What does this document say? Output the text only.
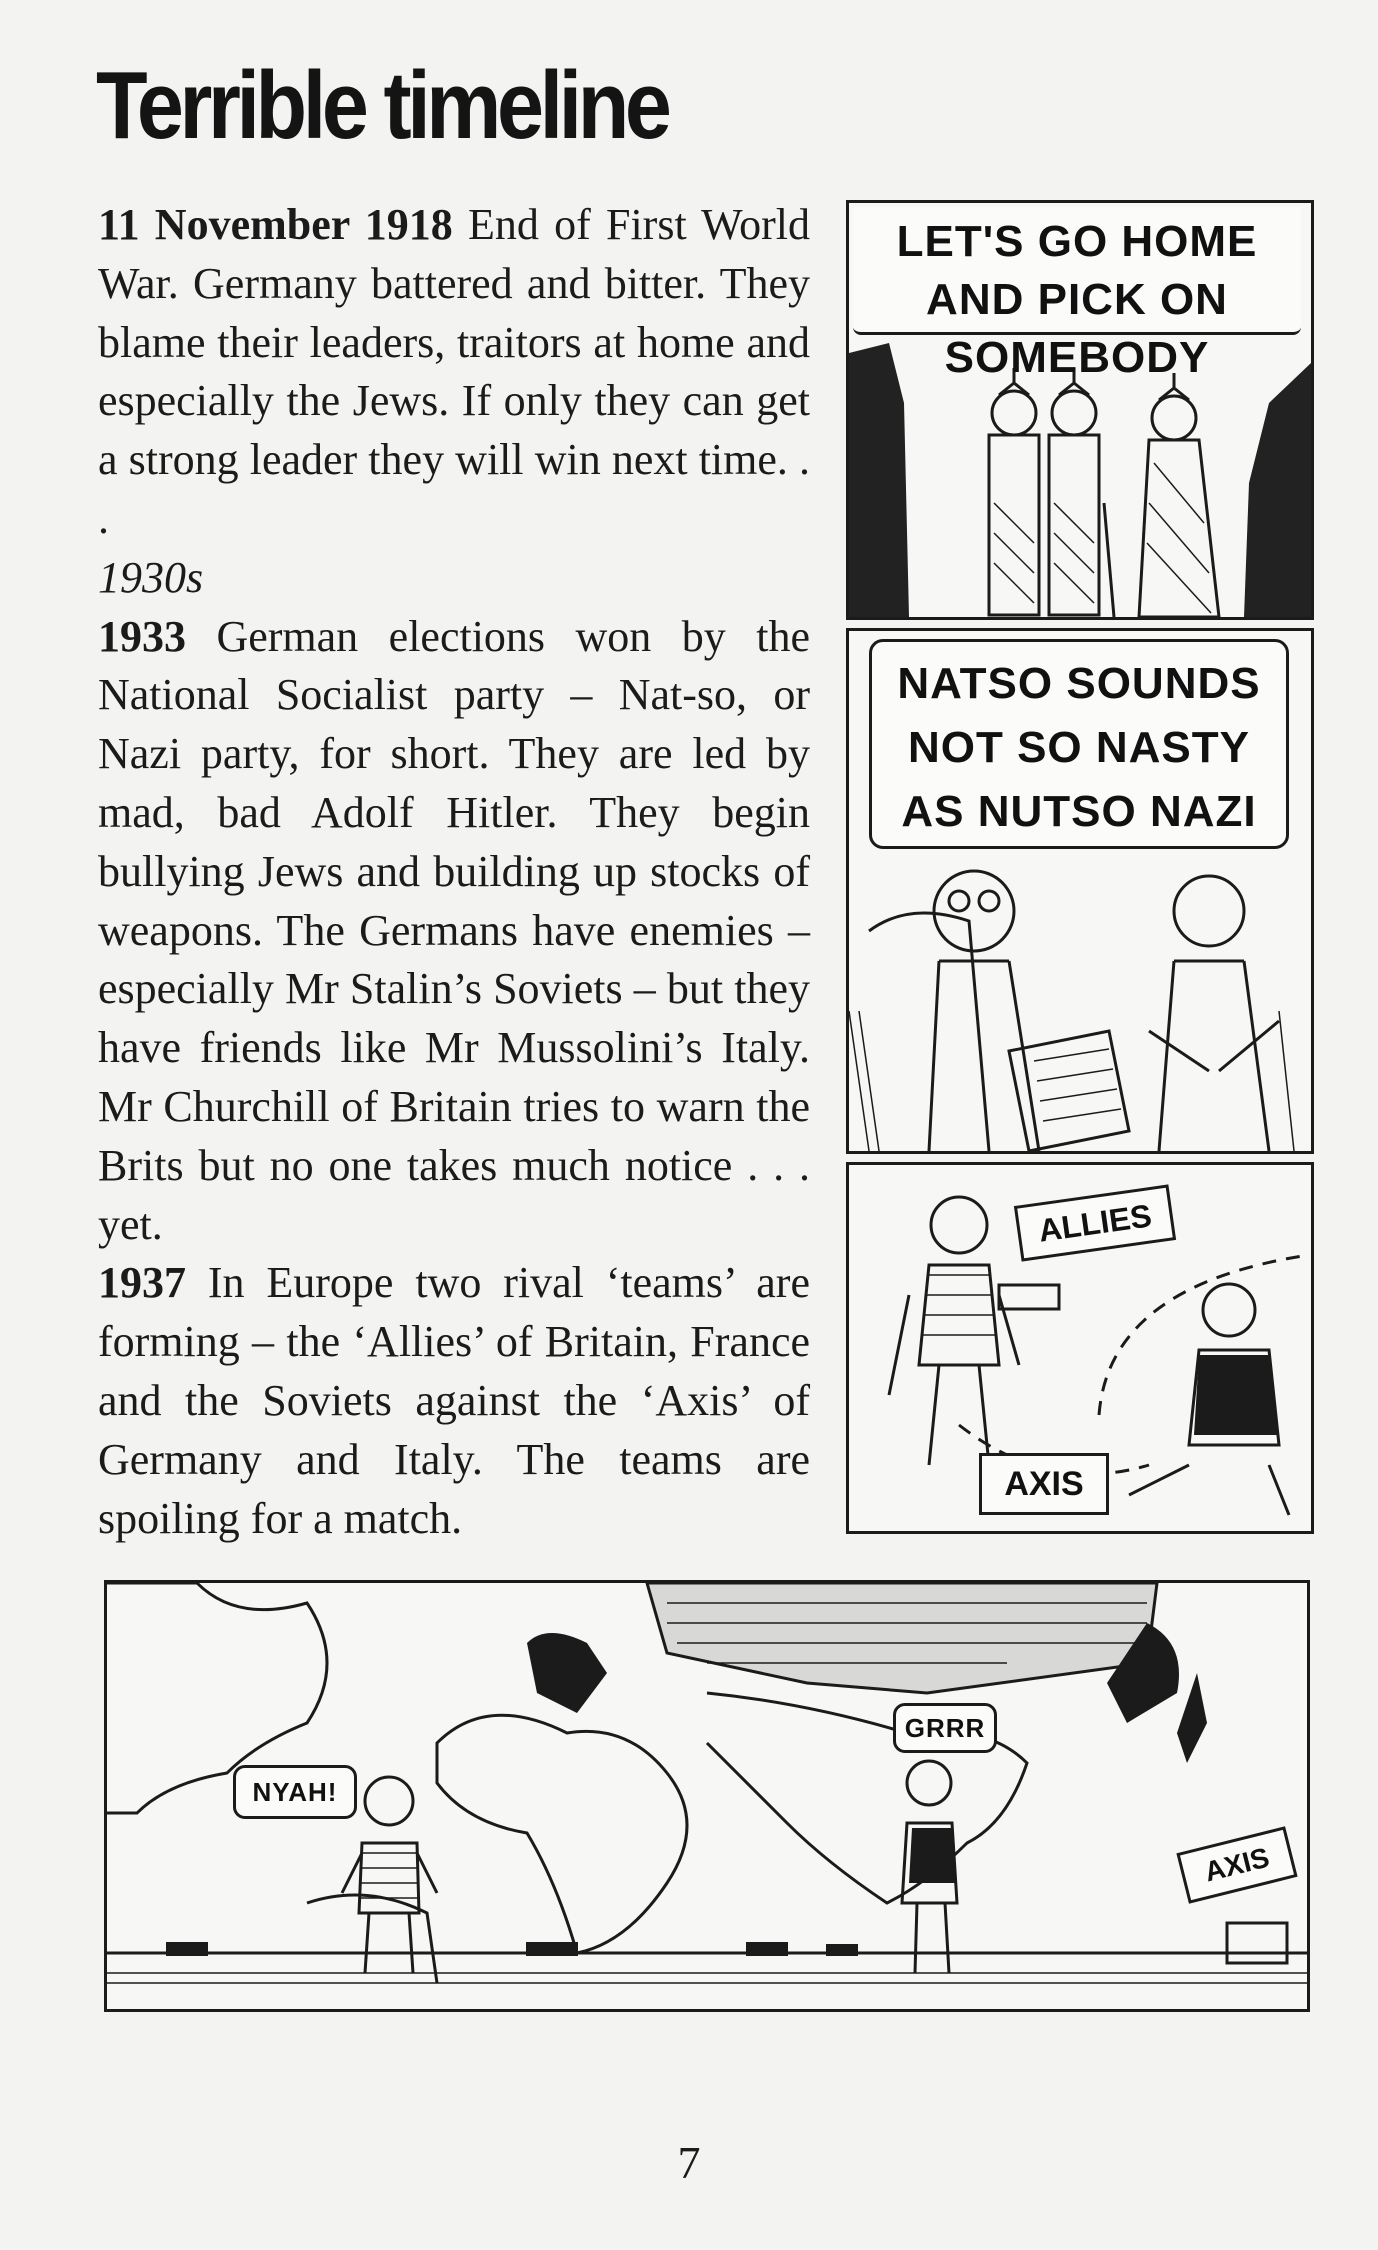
Terrible timeline

11 November 1918 End of First World War. Germany battered and bitter. They blame their leaders, traitors at home and especially the Jews. If only they can get a strong leader they will win next time. . .

1930s

1933 German elections won by the National Socialist party – Nat-so, or Nazi party, for short. They are led by mad, bad Adolf Hitler. They begin bullying Jews and building up stocks of weapons. The Germans have enemies – especially Mr Stalin’s Soviets – but they have friends like Mr Mussolini’s Italy. Mr Churchill of Britain tries to warn the Brits but no one takes much notice . . . yet.

1937 In Europe two rival ‘teams’ are forming – the ‘Allies’ of Britain, France and the Soviets against the ‘Axis’ of Germany and Italy. The teams are spoiling for a match.

LET'S GO HOME AND PICK ON SOMEBODY
NATSO SOUNDS NOT SO NASTY AS NUTSO NAZI
ALLIES
AXIS
NYAH!
GRRR
AXIS
7
